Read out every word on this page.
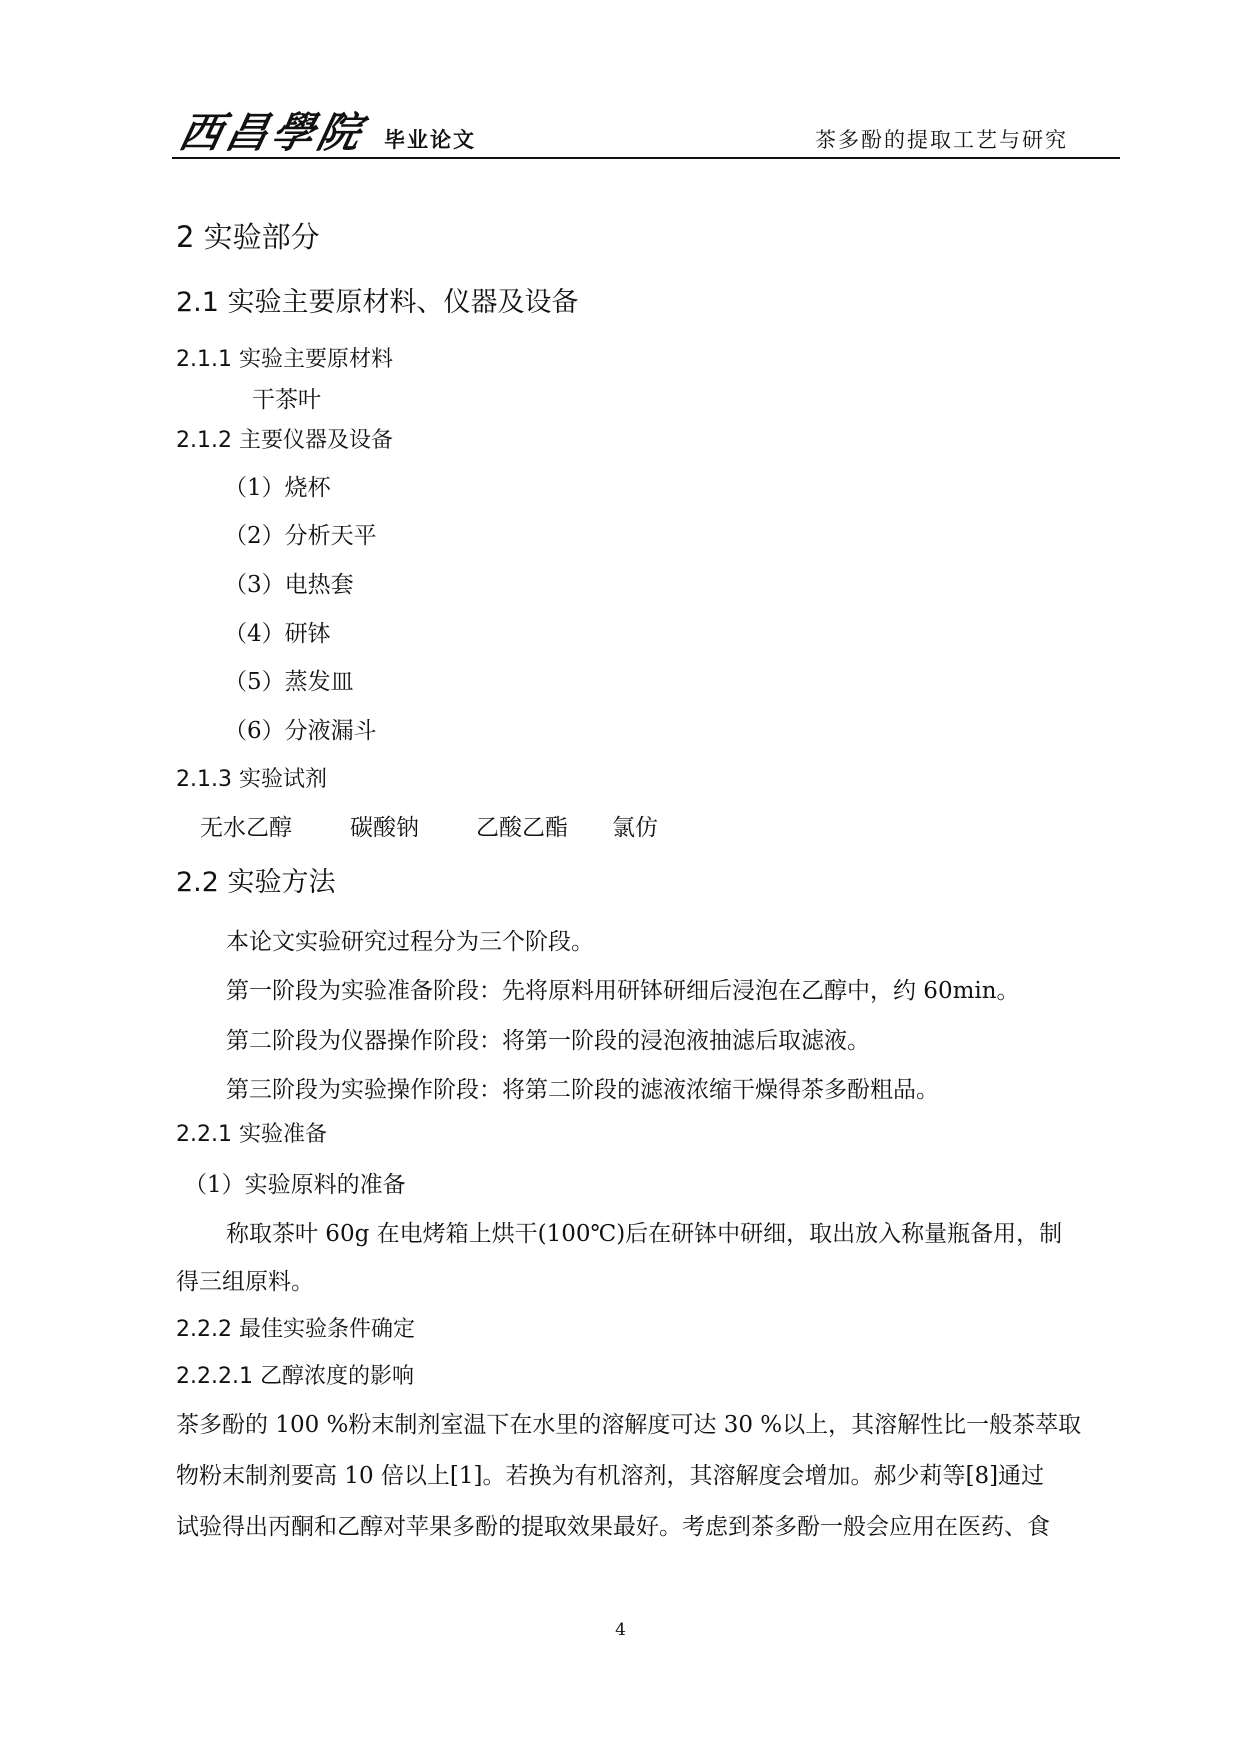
西昌學院 毕业论文	茶多酚的提取工艺与研究
2 实验部分
2.1 实验主要原材料、仪器及设备
2.1.1 实验主要原材料
干茶叶
2.1.2 主要仪器及设备
（1）烧杯
（2）分析天平
（3）电热套
（4）研钵
（5）蒸发皿
（6）分液漏斗
2.1.3 实验试剂
无水乙醇	碳酸钠 乙酸乙酯 氯仿
2.2 实验方法
本论文实验研究过程分为三个阶段。
第一阶段为实验准备阶段：先将原料用研钵研细后浸泡在乙醇中，约 60min。
第二阶段为仪器操作阶段：将第一阶段的浸泡液抽滤后取滤液。
第三阶段为实验操作阶段：将第二阶段的滤液浓缩干燥得茶多酚粗品。
2.2.1 实验准备
（1）实验原料的准备
称取茶叶 60g 在电烤箱上烘干(100℃)后在研钵中研细，取出放入称量瓶备用，制
得三组原料。
2.2.2 最佳实验条件确定
2.2.2.1 乙醇浓度的影响
茶多酚的 100 %粉末制剂室温下在水里的溶解度可达 30 %以上，其溶解性比一般茶萃取
物粉末制剂要高 10 倍以上[1]。若换为有机溶剂，其溶解度会增加。郝少莉等[8]通过
试验得出丙酮和乙醇对苹果多酚的提取效果最好。考虑到茶多酚一般会应用在医药、食
4
